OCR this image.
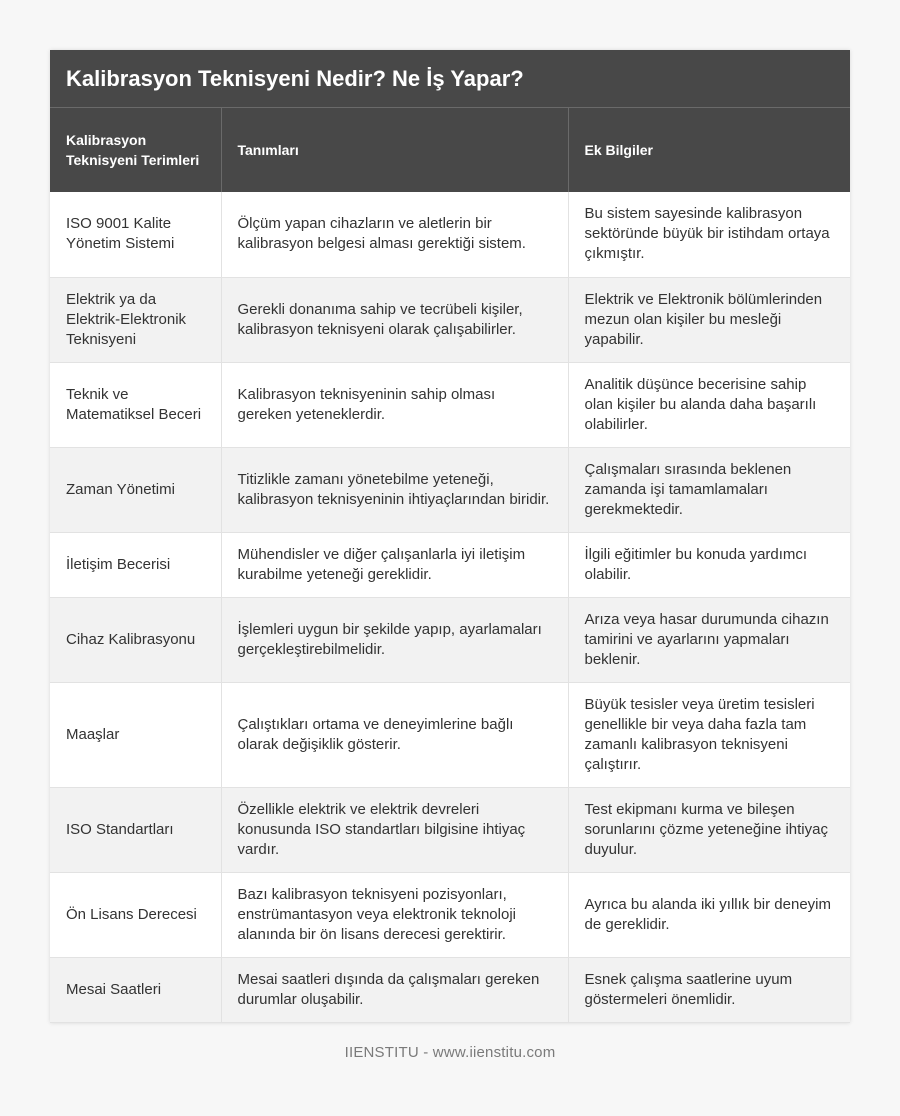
Kalibrasyon Teknisyeni Nedir? Ne İş Yapar?
Kalibrasyon Teknisyeni Terimleri	Tanımları	Ek Bilgiler
ISO 9001 Kalite Yönetim Sistemi	Ölçüm yapan cihazların ve aletlerin bir kalibrasyon belgesi alması gerektiği sistem.	Bu sistem sayesinde kalibrasyon sektöründe büyük bir istihdam ortaya çıkmıştır.
Elektrik ya da Elektrik-Elektronik Teknisyeni	Gerekli donanıma sahip ve tecrübeli kişiler, kalibrasyon teknisyeni olarak çalışabilirler.	Elektrik ve Elektronik bölümlerinden mezun olan kişiler bu mesleği yapabilir.
Teknik ve Matematiksel Beceri	Kalibrasyon teknisyeninin sahip olması gereken yeteneklerdir.	Analitik düşünce becerisine sahip olan kişiler bu alanda daha başarılı olabilirler.
Zaman Yönetimi	Titizlikle zamanı yönetebilme yeteneği, kalibrasyon teknisyeninin ihtiyaçlarından biridir.	Çalışmaları sırasında beklenen zamanda işi tamamlamaları gerekmektedir.
İletişim Becerisi	Mühendisler ve diğer çalışanlarla iyi iletişim kurabilme yeteneği gereklidir.	İlgili eğitimler bu konuda yardımcı olabilir.
Cihaz Kalibrasyonu	İşlemleri uygun bir şekilde yapıp, ayarlamaları gerçekleştirebilmelidir.	Arıza veya hasar durumunda cihazın tamirini ve ayarlarını yapmaları beklenir.
Maaşlar	Çalıştıkları ortama ve deneyimlerine bağlı olarak değişiklik gösterir.	Büyük tesisler veya üretim tesisleri genellikle bir veya daha fazla tam zamanlı kalibrasyon teknisyeni çalıştırır.
ISO Standartları	Özellikle elektrik ve elektrik devreleri konusunda ISO standartları bilgisine ihtiyaç vardır.	Test ekipmanı kurma ve bileşen sorunlarını çözme yeteneğine ihtiyaç duyulur.
Ön Lisans Derecesi	Bazı kalibrasyon teknisyeni pozisyonları, enstrümantasyon veya elektronik teknoloji alanında bir ön lisans derecesi gerektirir.	Ayrıca bu alanda iki yıllık bir deneyim de gereklidir.
Mesai Saatleri	Mesai saatleri dışında da çalışmaları gereken durumlar oluşabilir.	Esnek çalışma saatlerine uyum göstermeleri önemlidir.
IIENSTITU - www.iienstitu.com
